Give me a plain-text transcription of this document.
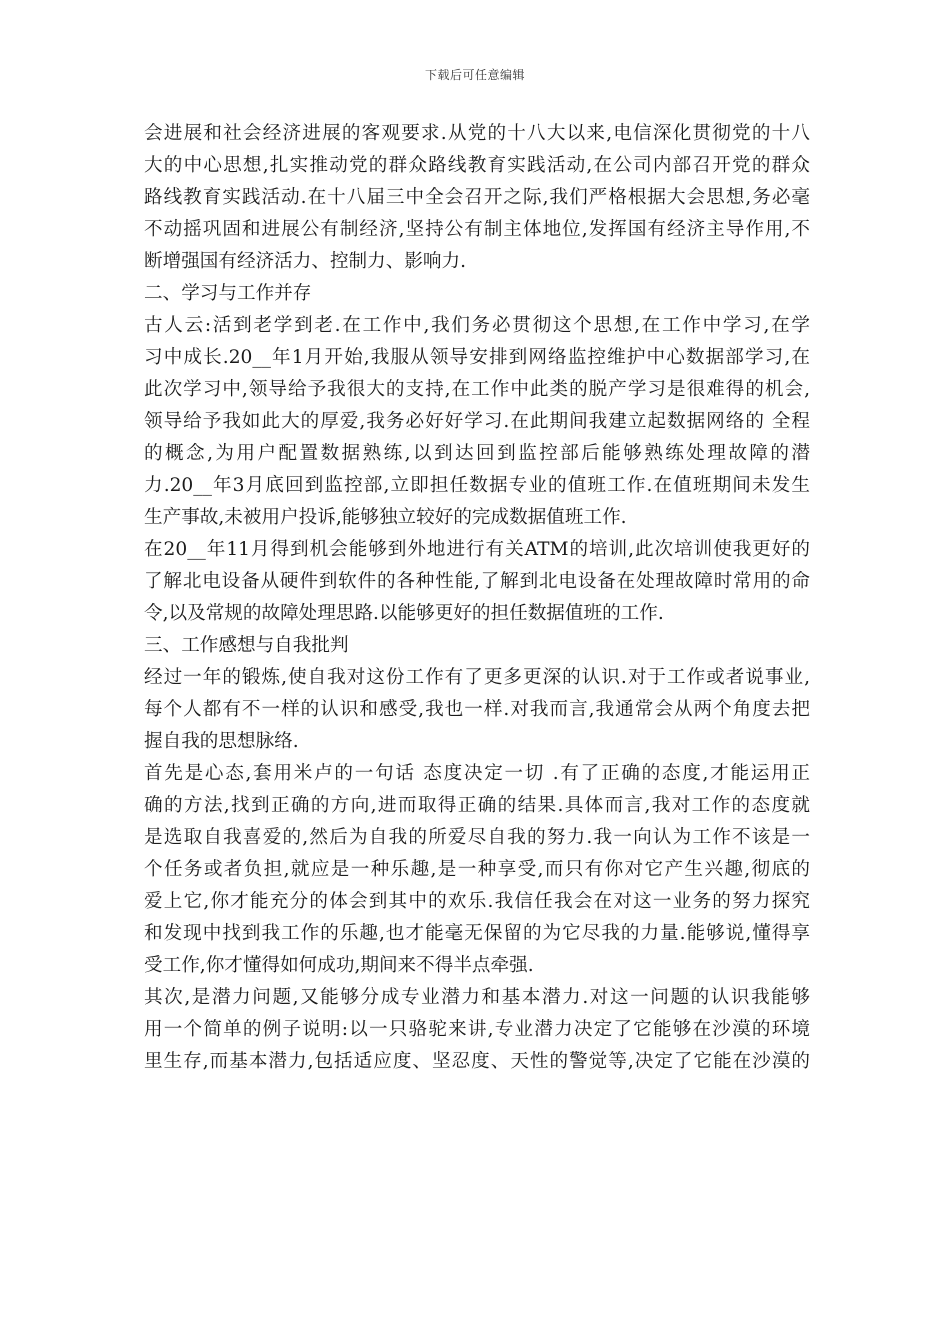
下载后可任意编辑
会进展和社会经济进展的客观要求.从党的十八大以来,电信深化贯彻党的十八
大的中心思想,扎实推动党的群众路线教育实践活动,在公司内部召开党的群众
路线教育实践活动.在十八届三中全会召开之际,我们严格根据大会思想,务必毫
不动摇巩固和进展公有制经济,坚持公有制主体地位,发挥国有经济主导作用,不
断增强国有经济活力、控制力、影响力.
二、学习与工作并存
古人云:活到老学到老.在工作中,我们务必贯彻这个思想,在工作中学习,在学
习中成长.20__年1月开始,我服从领导安排到网络监控维护中心数据部学习,在
此次学习中,领导给予我很大的支持,在工作中此类的脱产学习是很难得的机会,
领导给予我如此大的厚爱,我务必好好学习.在此期间我建立起数据网络的 全程
的概念,为用户配置数据熟练,以到达回到监控部后能够熟练处理故障的潜
力.20__年3月底回到监控部,立即担任数据专业的值班工作.在值班期间未发生
生产事故,未被用户投诉,能够独立较好的完成数据值班工作.
在20__年11月得到机会能够到外地进行有关ATM的培训,此次培训使我更好的
了解北电设备从硬件到软件的各种性能,了解到北电设备在处理故障时常用的命
令,以及常规的故障处理思路.以能够更好的担任数据值班的工作.
三、工作感想与自我批判
经过一年的锻炼,使自我对这份工作有了更多更深的认识.对于工作或者说事业,
每个人都有不一样的认识和感受,我也一样.对我而言,我通常会从两个角度去把
握自我的思想脉络.
首先是心态,套用米卢的一句话 态度决定一切 .有了正确的态度,才能运用正
确的方法,找到正确的方向,进而取得正确的结果.具体而言,我对工作的态度就
是选取自我喜爱的,然后为自我的所爱尽自我的努力.我一向认为工作不该是一
个任务或者负担,就应是一种乐趣,是一种享受,而只有你对它产生兴趣,彻底的
爱上它,你才能充分的体会到其中的欢乐.我信任我会在对这一业务的努力探究
和发现中找到我工作的乐趣,也才能毫无保留的为它尽我的力量.能够说,懂得享
受工作,你才懂得如何成功,期间来不得半点牵强.
其次,是潜力问题,又能够分成专业潜力和基本潜力.对这一问题的认识我能够
用一个简单的例子说明:以一只骆驼来讲,专业潜力决定了它能够在沙漠的环境
里生存,而基本潜力,包括适应度、坚忍度、天性的警觉等,决定了它能在沙漠的
